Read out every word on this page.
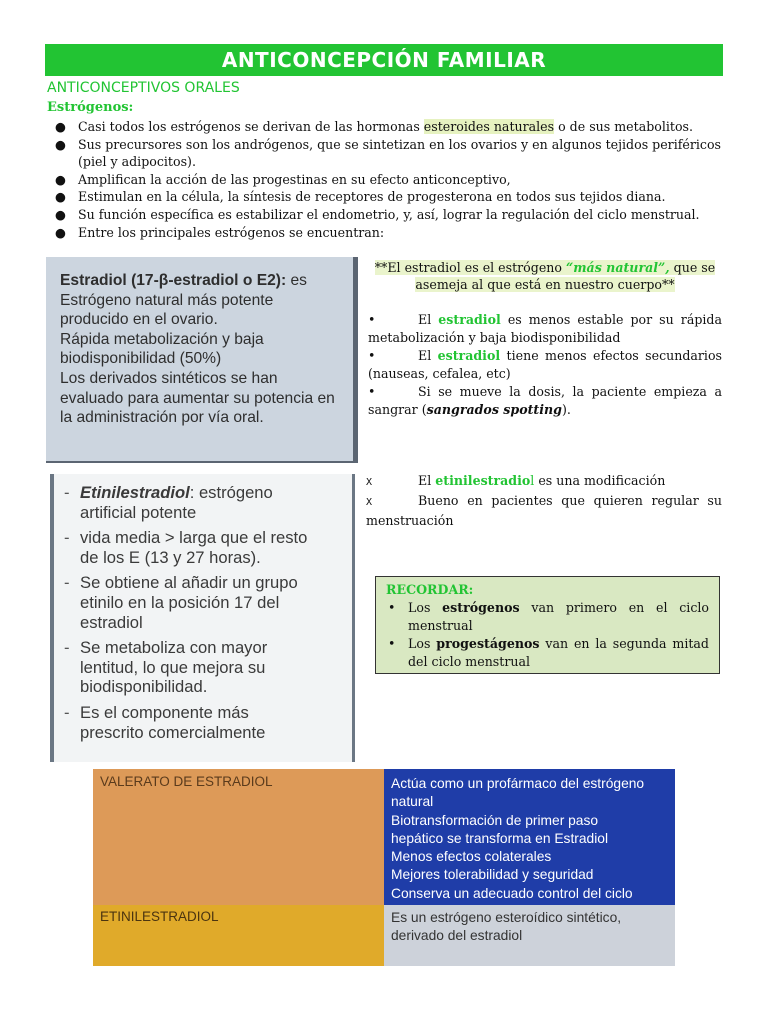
ANTICONCEPCIÓN FAMILIAR
ANTICONCEPTIVOS ORALES
Estrógenos:
● Casi todos los estrógenos se derivan de las hormonas esteroides naturales o de sus metabolitos.
● Sus precursores son los andrógenos, que se sintetizan en los ovarios y en algunos tejidos periféricos (piel y adipocitos).
● Amplifican la acción de las progestinas en su efecto anticonceptivo,
● Estimulan en la célula, la síntesis de receptores de progesterona en todos sus tejidos diana.
● Su función específica es estabilizar el endometrio, y, así, lograr la regulación del ciclo menstrual.
● Entre los principales estrógenos se encuentran:
Estradiol (17-β-estradiol o E2): es
Estrógeno natural más potente
producido en el ovario.
Rápida metabolización y baja
biodisponibilidad (50%)
Los derivados sintéticos se han
evaluado para aumentar su potencia en
la administración por vía oral.
**El estradiol es el estrógeno “más natural”, que se
asemeja al que está en nuestro cuerpo**
•	El estradiol es menos estable por su rápida metabolización y baja biodisponibilidad
•	El estradiol tiene menos efectos secundarios (nauseas, cefalea, etc)
•	Si se mueve la dosis, la paciente empieza a sangrar (sangrados spotting).
- Etinilestradiol: estrógeno
artificial potente
- vida media > larga que el resto
de los E (13 y 27 horas).
- Se obtiene al añadir un grupo
etinilo en la posición 17 del
estradiol
- Se metaboliza con mayor
lentitud, lo que mejora su
biodisponibilidad.
- Es el componente más
prescrito comercialmente
X	El etinilestradiol es una modificación
X	Bueno en pacientes que quieren regular su menstruación
RECORDAR:
• Los estrógenos van primero en el ciclo menstrual
• Los progestágenos van en la segunda mitad del ciclo menstrual
VALERATO DE ESTRADIOL	Actúa como un profármaco del estrógeno
natural
Biotransformación de primer paso
hepático se transforma en Estradiol
Menos efectos colaterales
Mejores tolerabilidad y seguridad
Conserva un adecuado control del ciclo
ETINILESTRADIOL	Es un estrógeno esteroídico sintético,
derivado del estradiol
